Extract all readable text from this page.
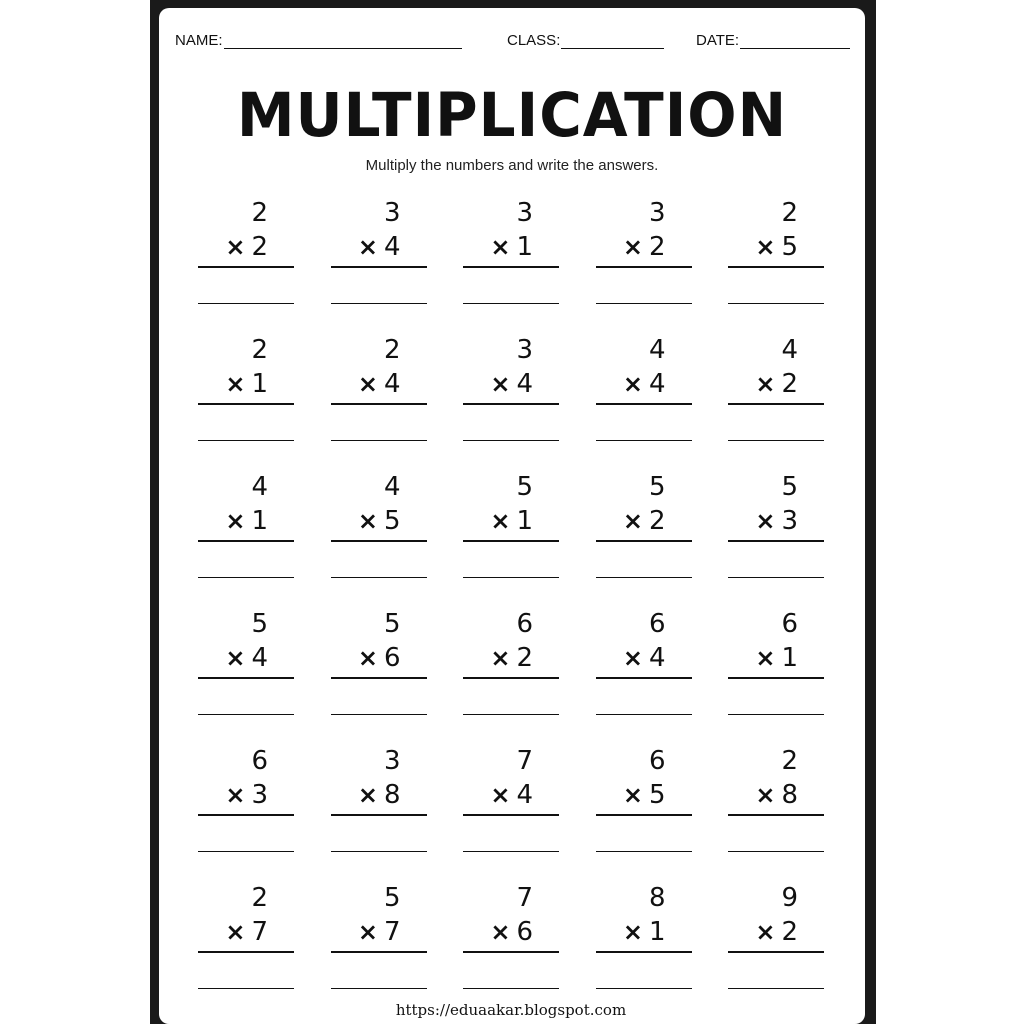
NAME:	CLASS:	DATE:
MULTIPLICATION
Multiply the numbers and write the answers.
2
× 2
3
× 4
3
× 1
3
× 2
2
× 5
2
× 1
2
× 4
3
× 4
4
× 4
4
× 2
4
× 1
4
× 5
5
× 1
5
× 2
5
× 3
5
× 4
5
× 6
6
× 2
6
× 4
6
× 1
6
× 3
3
× 8
7
× 4
6
× 5
2
× 8
2
× 7
5
× 7
7
× 6
8
× 1
9
× 2
https://eduaakar.blogspot.com
